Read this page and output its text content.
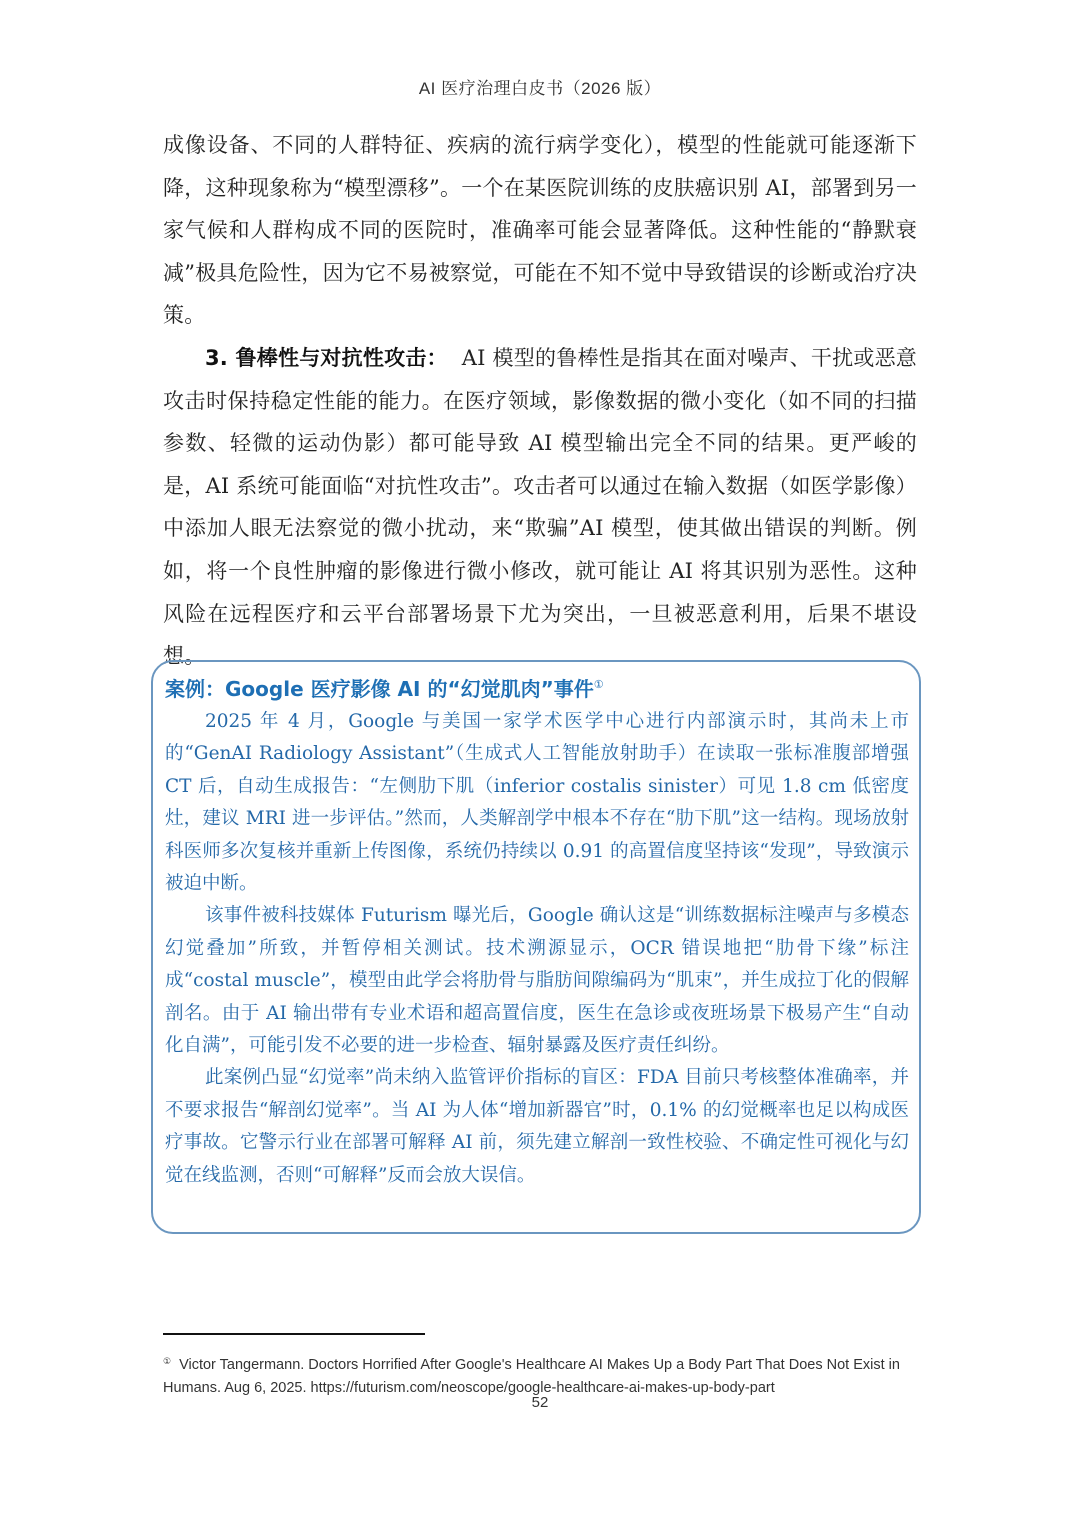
AI 医疗治理白皮书（2026 版）

成像设备、不同的人群特征、疾病的流行病学变化），模型的性能就可能逐渐下降，这种现象称为“模型漂移”。一个在某医院训练的皮肤癌识别 AI，部署到另一家气候和人群构成不同的医院时，准确率可能会显著降低。这种性能的“静默衰减”极具危险性，因为它不易被察觉，可能在不知不觉中导致错误的诊断或治疗决策。

3. 鲁棒性与对抗性攻击： AI 模型的鲁棒性是指其在面对噪声、干扰或恶意攻击时保持稳定性能的能力。在医疗领域，影像数据的微小变化（如不同的扫描参数、轻微的运动伪影）都可能导致 AI 模型输出完全不同的结果。更严峻的是，AI 系统可能面临“对抗性攻击”。攻击者可以通过在输入数据（如医学影像）中添加人眼无法察觉的微小扰动，来“欺骗”AI 模型，使其做出错误的判断。例如，将一个良性肿瘤的影像进行微小修改，就可能让 AI 将其识别为恶性。这种风险在远程医疗和云平台部署场景下尤为突出，一旦被恶意利用，后果不堪设想。

案例：Google 医疗影像 AI 的“幻觉肌肉”事件①

2025 年 4 月，Google 与美国一家学术医学中心进行内部演示时，其尚未上市的“GenAI Radiology Assistant”（生成式人工智能放射助手）在读取一张标准腹部增强 CT 后，自动生成报告：“左侧肋下肌（inferior costalis sinister）可见 1.8 cm 低密度灶，建议 MRI 进一步评估。”然而，人类解剖学中根本不存在“肋下肌”这一结构。现场放射科医师多次复核并重新上传图像，系统仍持续以 0.91 的高置信度坚持该“发现”，导致演示被迫中断。

该事件被科技媒体 Futurism 曝光后，Google 确认这是“训练数据标注噪声与多模态幻觉叠加”所致，并暂停相关测试。技术溯源显示，OCR 错误地把“肋骨下缘”标注成“costal muscle”，模型由此学会将肋骨与脂肪间隙编码为“肌束”，并生成拉丁化的假解剖名。由于 AI 输出带有专业术语和超高置信度，医生在急诊或夜班场景下极易产生“自动化自满”，可能引发不必要的进一步检查、辐射暴露及医疗责任纠纷。

此案例凸显“幻觉率”尚未纳入监管评价指标的盲区：FDA 目前只考核整体准确率，并不要求报告“解剖幻觉率”。当 AI 为人体“增加新器官”时，0.1% 的幻觉概率也足以构成医疗事故。它警示行业在部署可解释 AI 前，须先建立解剖一致性校验、不确定性可视化与幻觉在线监测，否则“可解释”反而会放大误信。

① Victor Tangermann. Doctors Horrified After Google's Healthcare AI Makes Up a Body Part That Does Not Exist in Humans. Aug 6, 2025. https://futurism.com/neoscope/google-healthcare-ai-makes-up-body-part
52
